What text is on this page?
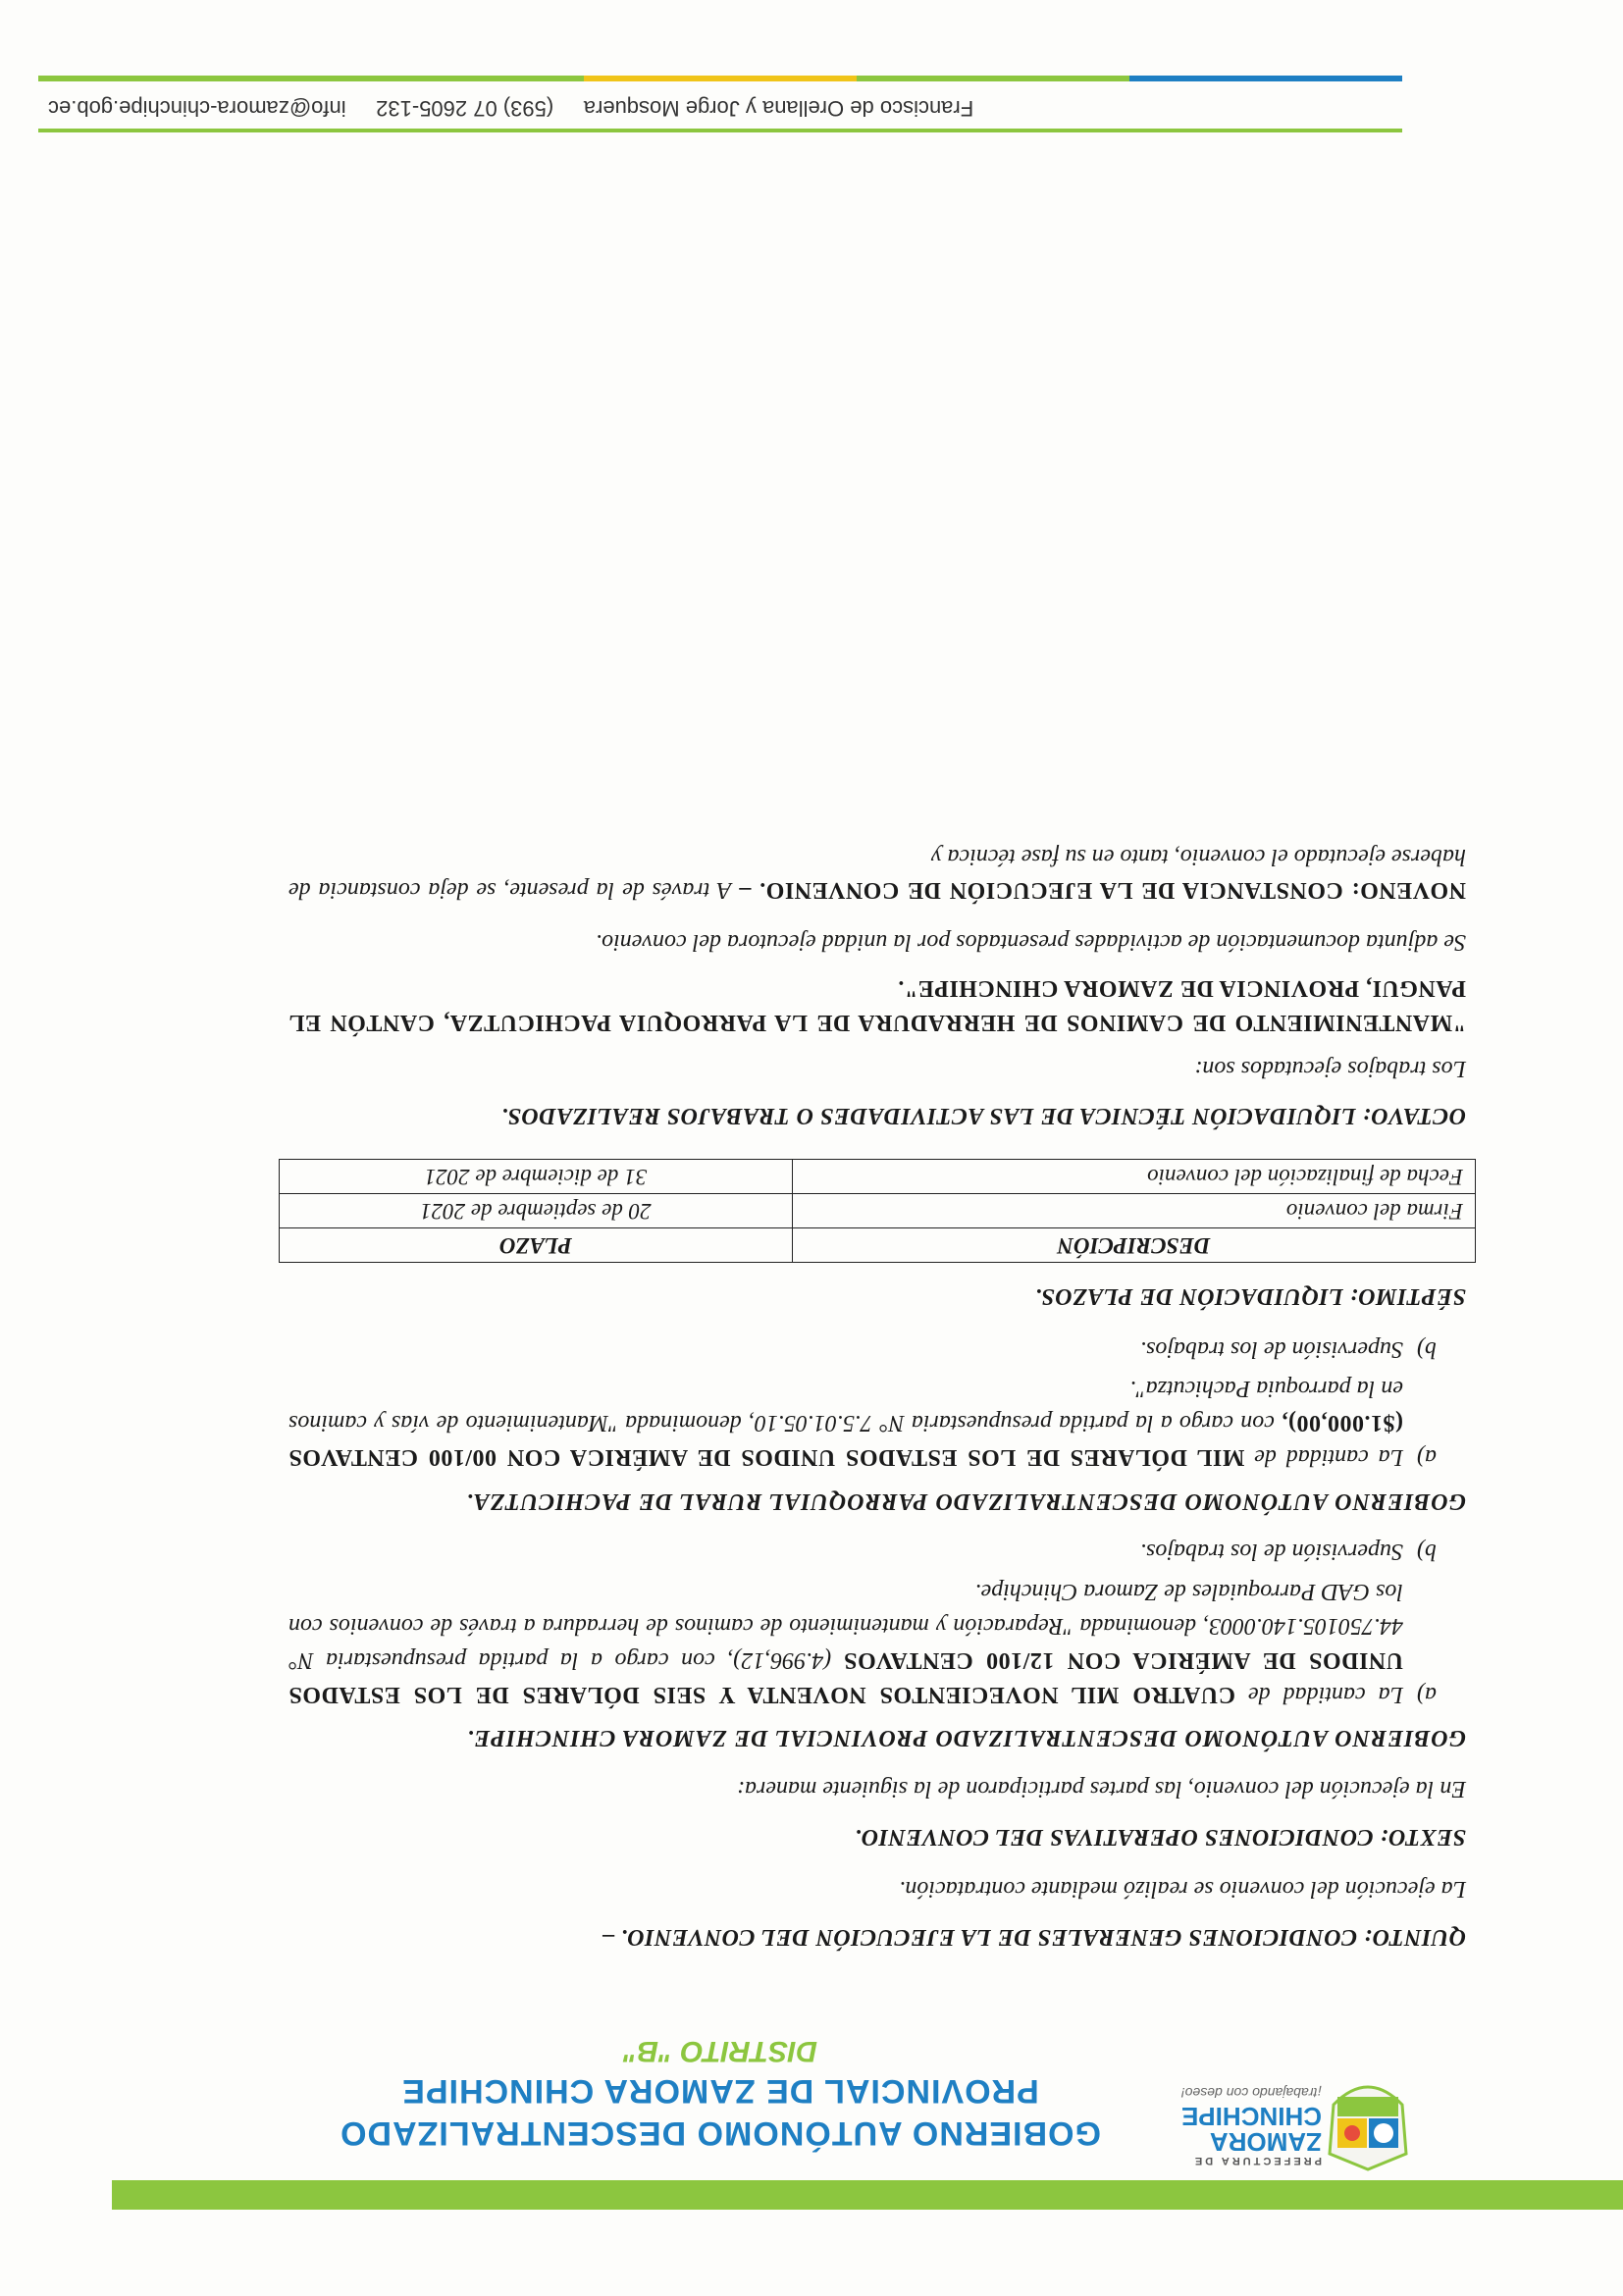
PREFECTURA DE
ZAMORA
CHINCHIPE
¡trabajando con deseo!
GOBIERNO AUTÓNOMO DESCENTRALIZADO
PROVINCIAL DE ZAMORA CHINCHIPE
DISTRITO "B"
QUINTO: CONDICIONES GENERALES DE LA EJECUCIÓN DEL CONVENIO. –

La ejecución del convenio se realizó mediante contratación.

SEXTO: CONDICIONES OPERATIVAS DEL CONVENIO.

En la ejecución del convenio, las partes participaron de la siguiente manera:

GOBIERNO AUTÓNOMO DESCENTRALIZADO PROVINCIAL DE ZAMORA CHINCHIPE.
a)
La cantidad de CUATRO MIL NOVECIENTOS NOVENTA Y SEIS DÓLARES DE LOS ESTADOS UNIDOS DE AMÉRICA CON 12/100 CENTAVOS (4.996,12), con cargo a la partida presupuestaria N° 44.750105.140.0003, denominada "Reparación y mantenimiento de caminos de herradura a través de convenios con los GAD Parroquiales de Zamora Chinchipe.
b)
Supervisión de los trabajos.
GOBIERNO AUTÓNOMO DESCENTRALIZADO PARROQUIAL RURAL DE PACHICUTZA.
a)
La cantidad de MIL DÓLARES DE LOS ESTADOS UNIDOS DE AMÉRICA CON 00/100 CENTAVOS ($1.000,00), con cargo a la partida presupuestaria N° 7.5.01.05.10, denominada "Mantenimiento de vías y caminos en la parroquia Pachicutza".
b)
Supervisión de los trabajos.
SÉPTIMO: LIQUIDACIÓN DE PLAZOS.
DESCRIPCIÓN	PLAZO
Firma del convenio	20 de septiembre de 2021
Fecha de finalización del convenio	31 de diciembre de 2021
OCTAVO: LIQUIDACIÓN TÉCNICA DE LAS ACTIVIDADES O TRABAJOS REALIZADOS.

Los trabajos ejecutados son:

"MANTENIMIENTO DE CAMINOS DE HERRADURA DE LA PARROQUIA PACHICUTZA, CANTÓN EL PANGUI, PROVINCIA DE ZAMORA CHINCHIPE".

Se adjunta documentación de actividades presentados por la unidad ejecutora del convenio.

NOVENO: CONSTANCIA DE LA EJECUCIÓN DE CONVENIO. – A través de la presente, se deja constancia de haberse ejecutado el convenio, tanto en su fase técnica y

Francisco de Orellana y Jorge Mosquera     (593) 07 2605-132     info@zamora-chinchipe.gob.ec
